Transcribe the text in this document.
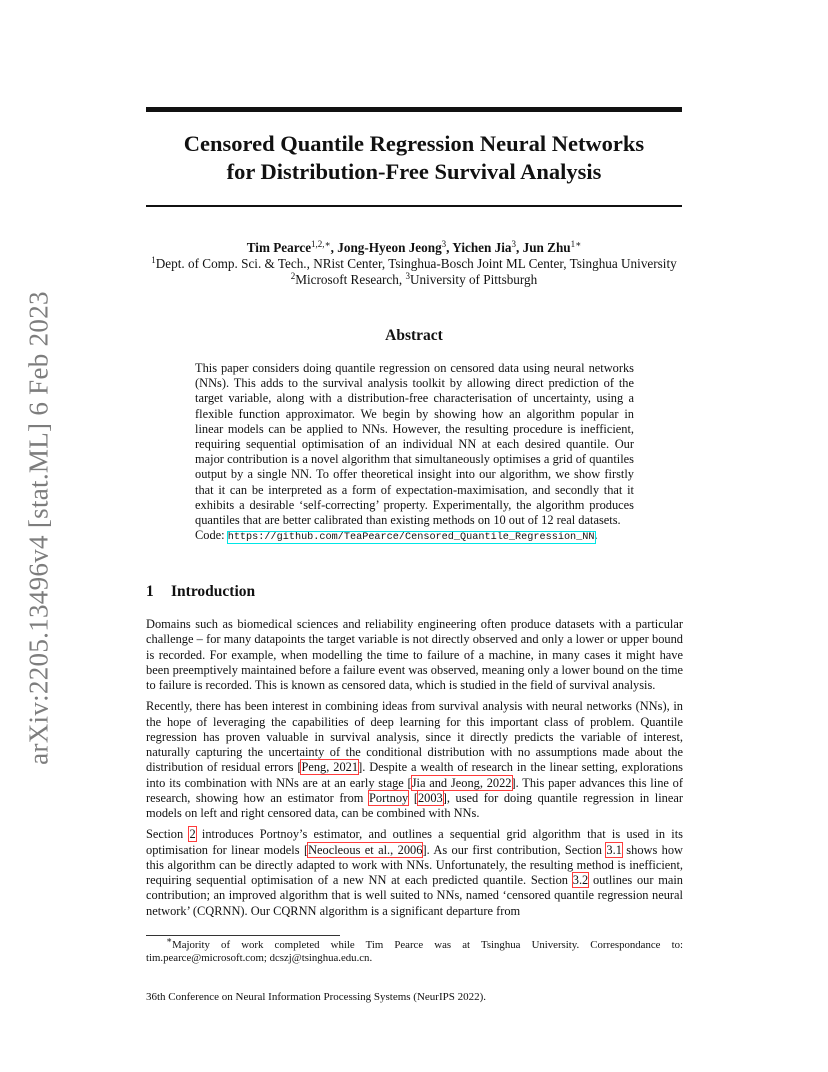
arXiv:2205.13496v4 [stat.ML] 6 Feb 2023
Censored Quantile Regression Neural Networks
for Distribution-Free Survival Analysis
Tim Pearce$^{1,2,∗}$, Jong-Hyeon Jeong$^3$, Yichen Jia$^3$, Jun Zhu$^{1∗}$
$^1$Dept. of Comp. Sci. & Tech., NRist Center, Tsinghua-Bosch Joint ML Center, Tsinghua University
$^2$Microsoft Research, $^3$University of Pittsburgh
Abstract

This paper considers doing quantile regression on censored data using neural networks (NNs). This adds to the survival analysis toolkit by allowing direct prediction of the target variable, along with a distribution-free characterisation of uncertainty, using a flexible function approximator. We begin by showing how an algorithm popular in linear models can be applied to NNs. However, the resulting procedure is inefficient, requiring sequential optimisation of an individual NN at each desired quantile. Our major contribution is a novel algorithm that simultaneously optimises a grid of quantiles output by a single NN. To offer theoretical insight into our algorithm, we show firstly that it can be interpreted as a form of expectation-maximisation, and secondly that it exhibits a desirable ‘self-correcting’ property. Experimentally, the algorithm produces quantiles that are better calibrated than existing methods on 10 out of 12 real datasets.

Code: https://github.com/TeaPearce/Censored_Quantile_Regression_NN.

1 Introduction

Domains such as biomedical sciences and reliability engineering often produce datasets with a particular challenge – for many datapoints the target variable is not directly observed and only a lower or upper bound is recorded. For example, when modelling the time to failure of a machine, in many cases it might have been preemptively maintained before a failure event was observed, meaning only a lower bound on the time to failure is recorded. This is known as censored data, which is studied in the field of survival analysis.

Recently, there has been interest in combining ideas from survival analysis with neural networks (NNs), in the hope of leveraging the capabilities of deep learning for this important class of problem. Quantile regression has proven valuable in survival analysis, since it directly predicts the variable of interest, naturally capturing the uncertainty of the conditional distribution with no assumptions made about the distribution of residual errors [Peng, 2021]. Despite a wealth of research in the linear setting, explorations into its combination with NNs are at an early stage [Jia and Jeong, 2022]. This paper advances this line of research, showing how an estimator from Portnoy [2003], used for doing quantile regression in linear models on left and right censored data, can be combined with NNs.

Section 2 introduces Portnoy’s estimator, and outlines a sequential grid algorithm that is used in its optimisation for linear models [Neocleous et al., 2006]. As our first contribution, Section 3.1 shows how this algorithm can be directly adapted to work with NNs. Unfortunately, the resulting method is inefficient, requiring sequential optimisation of a new NN at each predicted quantile. Section 3.2 outlines our main contribution; an improved algorithm that is well suited to NNs, named ‘censored quantile regression neural network’ (CQRNN). Our CQRNN algorithm is a significant departure from

∗Majority of work completed while Tim Pearce was at Tsinghua University. Correspondance to: tim.pearce@microsoft.com; dcszj@tsinghua.edu.cn.

36th Conference on Neural Information Processing Systems (NeurIPS 2022).
